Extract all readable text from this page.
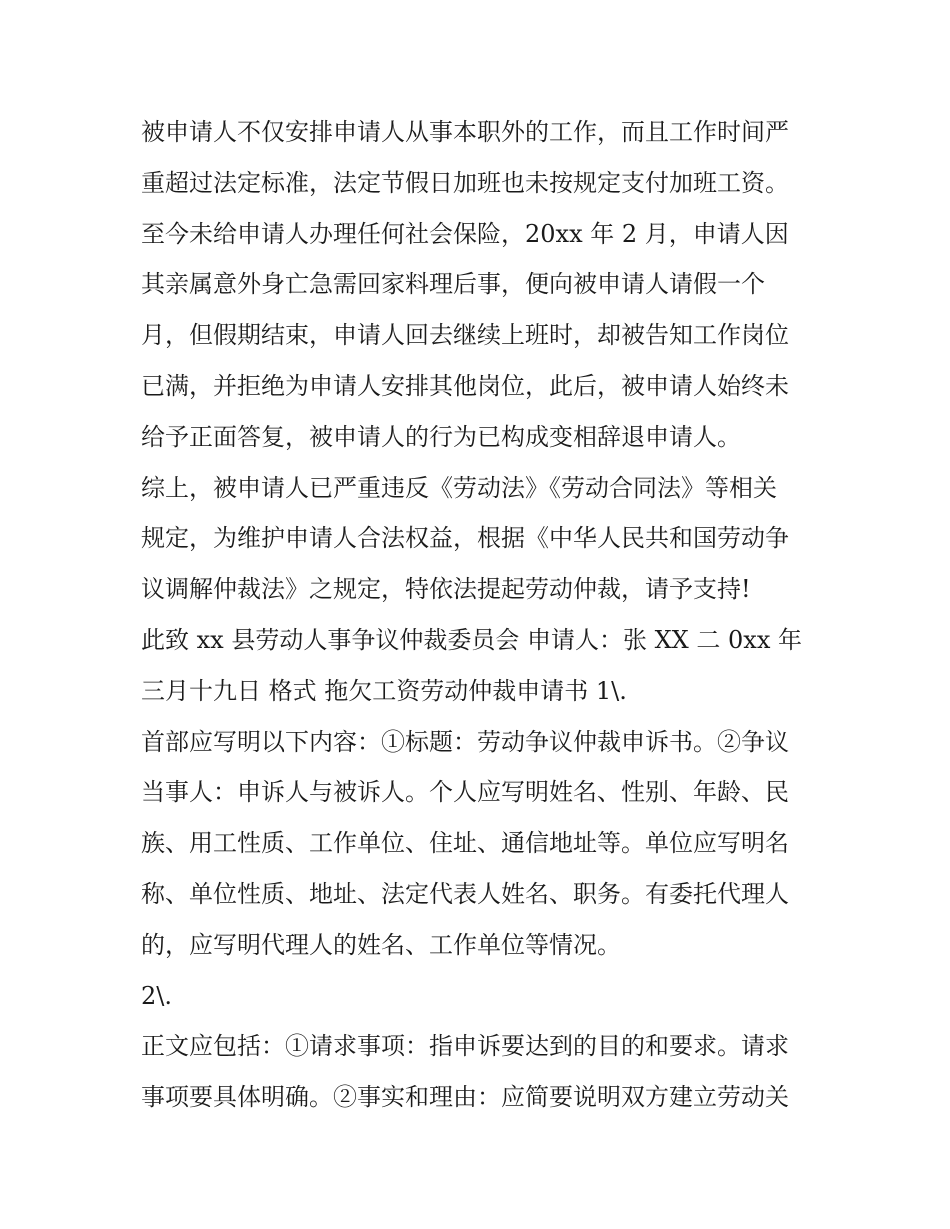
被申请人不仅安排申请人从事本职外的工作，而且工作时间严

重超过法定标准，法定节假日加班也未按规定支付加班工资。

至今未给申请人办理任何社会保险，20xx 年 2 月，申请人因

其亲属意外身亡急需回家料理后事，便向被申请人请假一个

月，但假期结束，申请人回去继续上班时，却被告知工作岗位

已满，并拒绝为申请人安排其他岗位，此后，被申请人始终未

给予正面答复，被申请人的行为已构成变相辞退申请人。

综上，被申请人已严重违反《劳动法》《劳动合同法》等相关

规定，为维护申请人合法权益，根据《中华人民共和国劳动争

议调解仲裁法》之规定，特依法提起劳动仲裁，请予支持!

此致 xx 县劳动人事争议仲裁委员会 申请人：张 XX 二 0xx 年

三月十九日 格式 拖欠工资劳动仲裁申请书 1\.

首部应写明以下内容：①标题：劳动争议仲裁申诉书。②争议

当事人：申诉人与被诉人。个人应写明姓名、性别、年龄、民

族、用工性质、工作单位、住址、通信地址等。单位应写明名

称、单位性质、地址、法定代表人姓名、职务。有委托代理人

的，应写明代理人的姓名、工作单位等情况。

2\.

正文应包括：①请求事项：指申诉要达到的目的和要求。请求

事项要具体明确。②事实和理由：应简要说明双方建立劳动关
